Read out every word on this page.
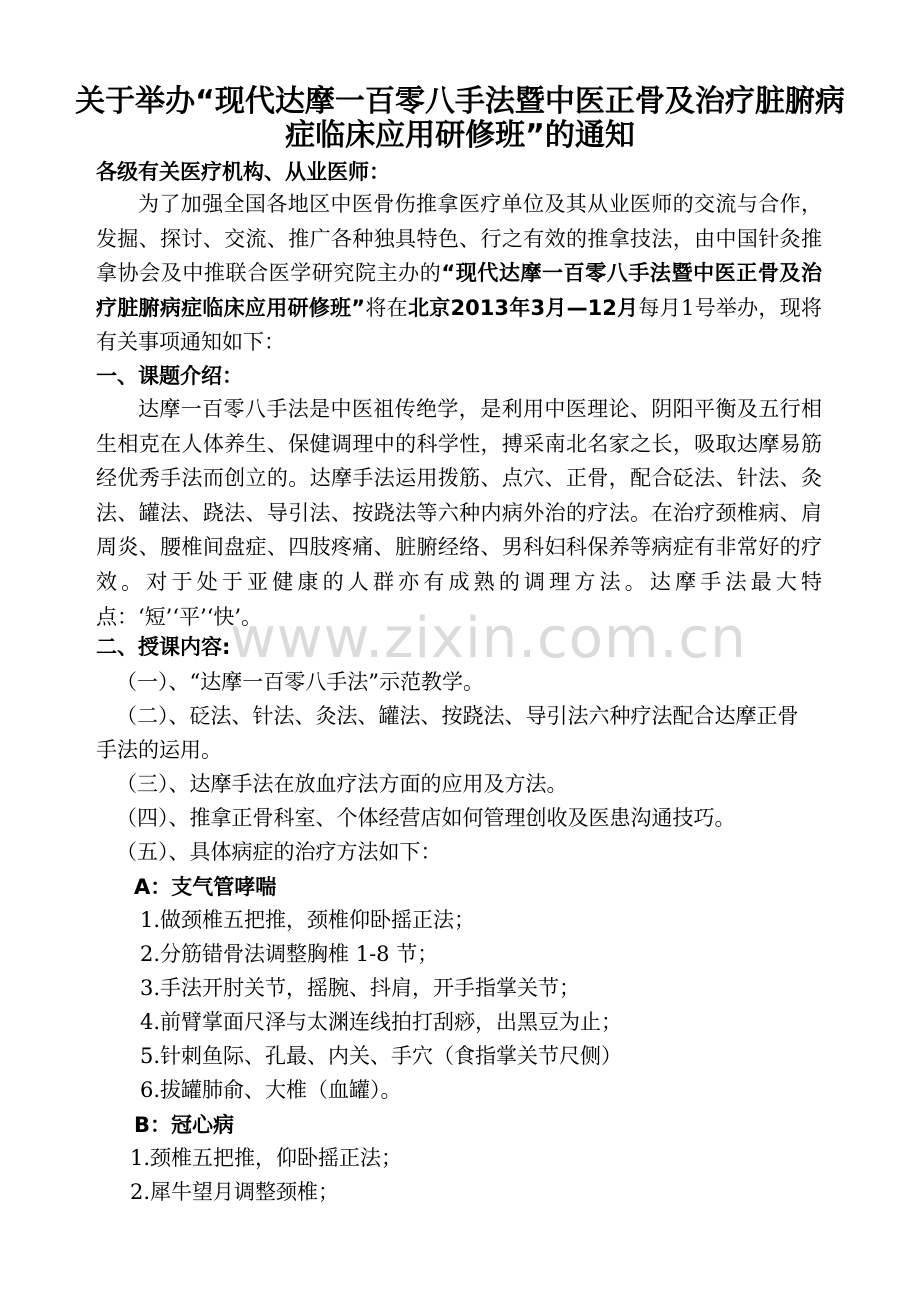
关于举办“现代达摩一百零八手法暨中医正骨及治疗脏腑病
症临床应用研修班”的通知
各级有关医疗机构、从业医师：
为了加强全国各地区中医骨伤推拿医疗单位及其从业医师的交流与合作，发掘、探讨、交流、推广各种独具特色、行之有效的推拿技法，由中国针灸推拿协会及中推联合医学研究院主办的“现代达摩一百零八手法暨中医正骨及治疗脏腑病症临床应用研修班”将在北京2013年3月—12月每月1号举办，现将有关事项通知如下：
一、课题介绍：
达摩一百零八手法是中医祖传绝学，是利用中医理论、阴阳平衡及五行相生相克在人体养生、保健调理中的科学性，搏采南北名家之长，吸取达摩易筋经优秀手法而创立的。达摩手法运用拨筋、点穴、正骨，配合砭法、针法、灸法、罐法、跷法、导引法、按跷法等六种内病外治的疗法。在治疗颈椎病、肩周炎、腰椎间盘症、四肢疼痛、脏腑经络、男科妇科保养等病症有非常好的疗效。对于处于亚健康的人群亦有成熟的调理方法。达摩手法最大特点：‘短’‘平’‘快’。
二、授课内容:
（一）、“达摩一百零八手法”示范教学。
（二）、砭法、针法、灸法、罐法、按跷法、导引法六种疗法配合达摩正骨
手法的运用。
（三）、达摩手法在放血疗法方面的应用及方法。
（四）、推拿正骨科室、个体经营店如何管理创收及医患沟通技巧。
（五）、具体病症的治疗方法如下：
A：支气管哮喘
1.做颈椎五把推，颈椎仰卧摇正法；
2.分筋错骨法调整胸椎 1-8 节；
3.手法开肘关节，摇腕、抖肩，开手指掌关节；
4.前臂掌面尺泽与太渊连线拍打刮痧，出黑豆为止；
5.针刺鱼际、孔最、内关、手穴（食指掌关节尺侧）
6.拔罐肺俞、大椎（血罐）。
B：冠心病
1.颈椎五把推，仰卧摇正法；
2.犀牛望月调整颈椎；
www.zixin.com.cn
